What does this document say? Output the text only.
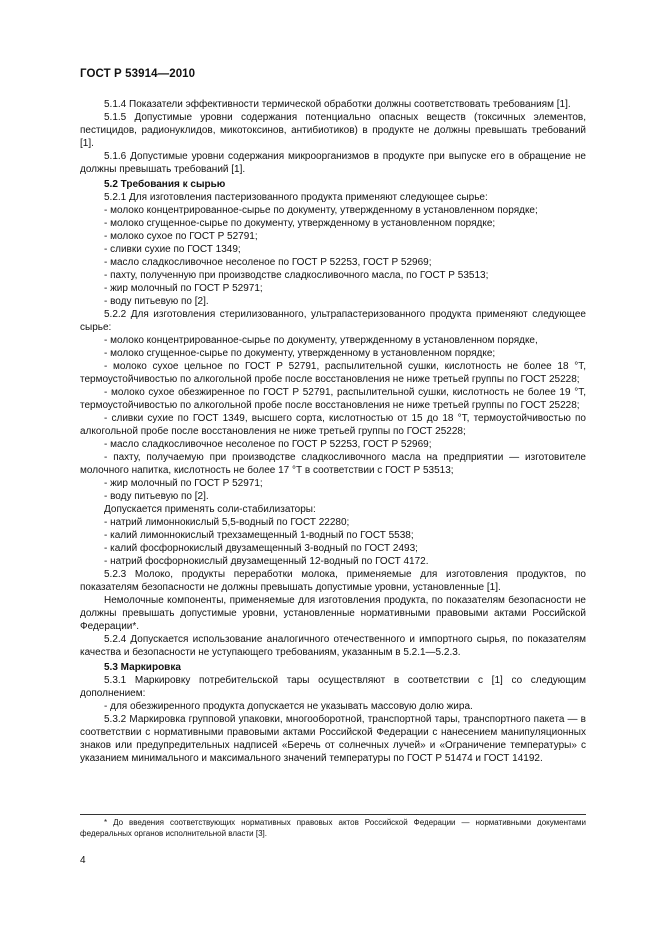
ГОСТ Р 53914—2010

5.1.4 Показатели эффективности термической обработки должны соответствовать требованиям [1].

5.1.5 Допустимые уровни содержания потенциально опасных веществ (токсичных элементов, пестицидов, радионуклидов, микотоксинов, антибиотиков) в продукте не должны превышать требований [1].

5.1.6 Допустимые уровни содержания микроорганизмов в продукте при выпуске его в обращение не должны превышать требований [1].

5.2 Требования к сырью

5.2.1 Для изготовления пастеризованного продукта применяют следующее сырье:

- молоко концентрированное-сырье по документу, утвержденному в установленном порядке;

- молоко сгущенное-сырье по документу, утвержденному в установленном порядке;

- молоко сухое по ГОСТ Р 52791;

- сливки сухие по ГОСТ 1349;

- масло сладкосливочное несоленое по ГОСТ Р 52253, ГОСТ Р 52969;

- пахту, полученную при производстве сладкосливочного масла, по ГОСТ Р 53513;

- жир молочный по ГОСТ Р 52971;

- воду питьевую по [2].

5.2.2 Для изготовления стерилизованного, ультрапастеризованного продукта применяют следующее сырье:

- молоко концентрированное-сырье по документу, утвержденному в установленном порядке,

- молоко сгущенное-сырье по документу, утвержденному в установленном порядке;

- молоко сухое цельное по ГОСТ Р 52791, распылительной сушки, кислотность не более 18 °Т, термоустойчивостью по алкогольной пробе после восстановления не ниже третьей группы по ГОСТ 25228;

- молоко сухое обезжиренное по ГОСТ Р 52791, распылительной сушки, кислотность не более 19 °Т, термоустойчивостью по алкогольной пробе после восстановления не ниже третьей группы по ГОСТ 25228;

- сливки сухие по ГОСТ 1349, высшего сорта, кислотностью от 15 до 18 °Т, термоустойчивостью по алкогольной пробе после восстановления не ниже третьей группы по ГОСТ 25228;

- масло сладкосливочное несоленое по ГОСТ Р 52253, ГОСТ Р 52969;

- пахту, получаемую при производстве сладкосливочного масла на предприятии — изготовителе молочного напитка, кислотность не более 17 °Т в соответствии с ГОСТ Р 53513;

- жир молочный по ГОСТ Р 52971;

- воду питьевую по [2].

Допускается применять соли-стабилизаторы:

- натрий лимоннокислый 5,5-водный по ГОСТ 22280;

- калий лимоннокислый трехзамещенный 1-водный по ГОСТ 5538;

- калий фосфорнокислый двузамещенный 3-водный по ГОСТ 2493;

- натрий фосфорнокислый двузамещенный 12-водный по ГОСТ 4172.

5.2.3 Молоко, продукты переработки молока, применяемые для изготовления продуктов, по показателям безопасности не должны превышать допустимые уровни, установленные [1].

Немолочные компоненты, применяемые для изготовления продукта, по показателям безопасности не должны превышать допустимые уровни, установленные нормативными правовыми актами Российской Федерации*.

5.2.4 Допускается использование аналогичного отечественного и импортного сырья, по показателям качества и безопасности не уступающего требованиям, указанным в 5.2.1—5.2.3.

5.3 Маркировка

5.3.1 Маркировку потребительской тары осуществляют в соответствии с [1] со следующим дополнением:

- для обезжиренного продукта допускается не указывать массовую долю жира.

5.3.2 Маркировка групповой упаковки, многооборотной, транспортной тары, транспортного пакета — в соответствии с нормативными правовыми актами Российской Федерации с нанесением манипуляционных знаков или предупредительных надписей «Беречь от солнечных лучей» и «Ограничение температуры» с указанием минимального и максимального значений температуры по ГОСТ Р 51474 и ГОСТ 14192.

* До введения соответствующих нормативных правовых актов Российской Федерации — нормативными документами федеральных органов исполнительной власти [3].
4
